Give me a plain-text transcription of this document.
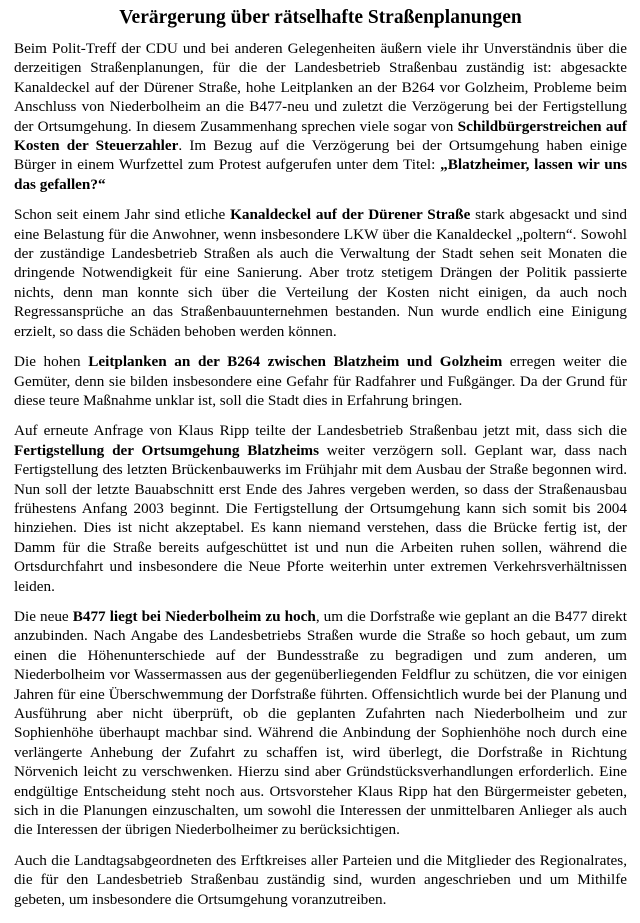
Verärgerung über rätselhafte Straßenplanungen

Beim Polit-Treff der CDU und bei anderen Gelegenheiten äußern viele ihr Unverständnis über die derzeitigen Straßenplanungen, für die der Landesbetrieb Straßenbau zuständig ist: abgesackte Kanaldeckel auf der Dürener Straße, hohe Leitplanken an der B264 vor Golzheim, Probleme beim Anschluss von Niederbolheim an die B477-neu und zuletzt die Verzögerung bei der Fertigstellung der Ortsumgehung. In diesem Zusammenhang sprechen viele sogar von Schildbürgerstreichen auf Kosten der Steuerzahler. Im Bezug auf die Verzögerung bei der Ortsumgehung haben einige Bürger in einem Wurfzettel zum Protest aufgerufen unter dem Titel: „Blatzheimer, lassen wir uns das gefallen?“

Schon seit einem Jahr sind etliche Kanaldeckel auf der Dürener Straße stark abgesackt und sind eine Belastung für die Anwohner, wenn insbesondere LKW über die Kanaldeckel „poltern“. Sowohl der zuständige Landesbetrieb Straßen als auch die Verwaltung der Stadt sehen seit Monaten die dringende Notwendigkeit für eine Sanierung. Aber trotz stetigem Drängen der Politik passierte nichts, denn man konnte sich über die Verteilung der Kosten nicht einigen, da auch noch Regressansprüche an das Straßenbauunternehmen bestanden. Nun wurde endlich eine Einigung erzielt, so dass die Schäden behoben werden können.

Die hohen Leitplanken an der B264 zwischen Blatzheim und Golzheim erregen weiter die Gemüter, denn sie bilden insbesondere eine Gefahr für Radfahrer und Fußgänger. Da der Grund für diese teure Maßnahme unklar ist, soll die Stadt dies in Erfahrung bringen.

Auf erneute Anfrage von Klaus Ripp teilte der Landesbetrieb Straßenbau jetzt mit, dass sich die Fertigstellung der Ortsumgehung Blatzheims weiter verzögern soll. Geplant war, dass nach Fertigstellung des letzten Brückenbauwerks im Frühjahr mit dem Ausbau der Straße begonnen wird. Nun soll der letzte Bauabschnitt erst Ende des Jahres vergeben werden, so dass der Straßenausbau frühestens Anfang 2003 beginnt. Die Fertigstellung der Ortsumgehung kann sich somit bis 2004 hinziehen. Dies ist nicht akzeptabel. Es kann niemand verstehen, dass die Brücke fertig ist, der Damm für die Straße bereits aufgeschüttet ist und nun die Arbeiten ruhen sollen, während die Ortsdurchfahrt und insbesondere die Neue Pforte weiterhin unter extremen Verkehrsverhältnissen leiden.

Die neue B477 liegt bei Niederbolheim zu hoch, um die Dorfstraße wie geplant an die B477 direkt anzubinden. Nach Angabe des Landesbetriebs Straßen wurde die Straße so hoch gebaut, um zum einen die Höhenunterschiede auf der Bundesstraße zu begradigen und zum anderen, um Niederbolheim vor Wassermassen aus der gegenüberliegenden Feldflur zu schützen, die vor einigen Jahren für eine Überschwemmung der Dorfstraße führten. Offensichtlich wurde bei der Planung und Ausführung aber nicht überprüft, ob die geplanten Zufahrten nach Niederbolheim und zur Sophienhöhe überhaupt machbar sind. Während die Anbindung der Sophienhöhe noch durch eine verlängerte Anhebung der Zufahrt zu schaffen ist, wird überlegt, die Dorfstraße in Richtung Nörvenich leicht zu verschwenken. Hierzu sind aber Gründstücksverhandlungen erforderlich. Eine endgültige Entscheidung steht noch aus. Ortsvorsteher Klaus Ripp hat den Bürgermeister gebeten, sich in die Planungen einzuschalten, um sowohl die Interessen der unmittelbaren Anlieger als auch die Interessen der übrigen Niederbolheimer zu berücksichtigen.

Auch die Landtagsabgeordneten des Erftkreises aller Parteien und die Mitglieder des Regionalrates, die für den Landesbetrieb Straßenbau zuständig sind, wurden angeschrieben und um Mithilfe gebeten, um insbesondere die Ortsumgehung voranzutreiben.
